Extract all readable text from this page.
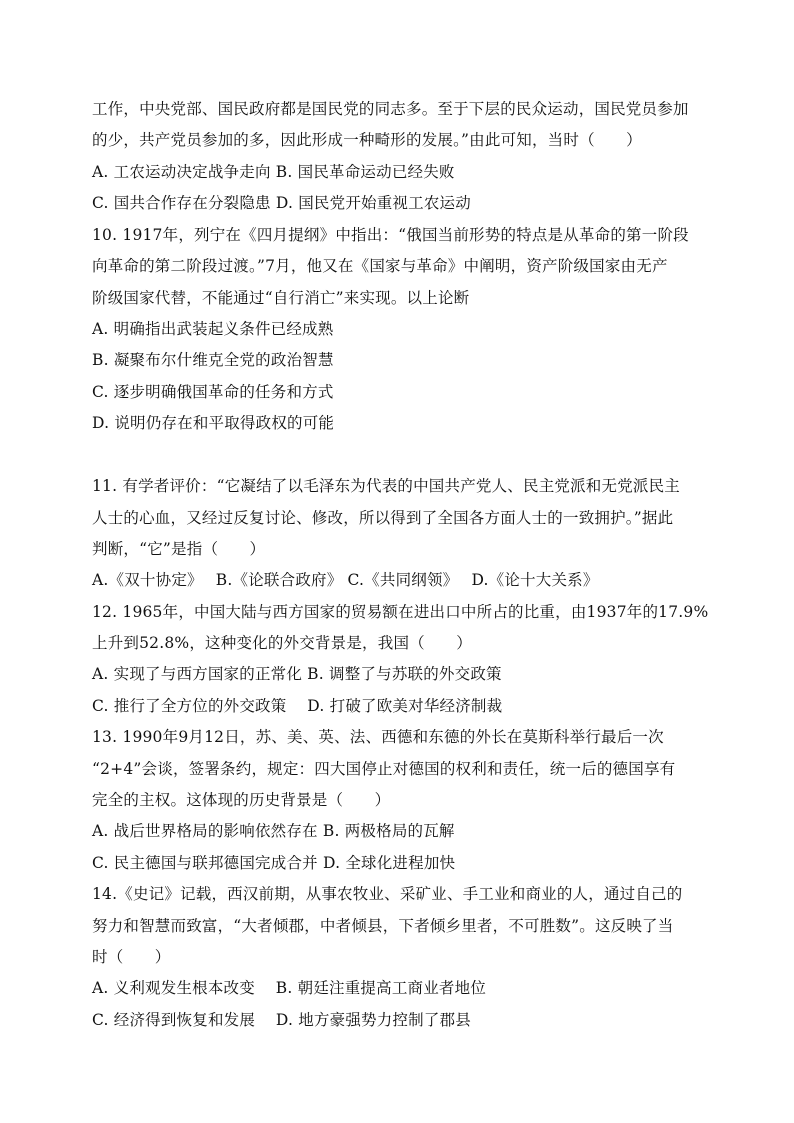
工作，中央党部、国民政府都是国民党的同志多。至于下层的民众运动，国民党员参加
的少，共产党员参加的多，因此形成一种畸形的发展。”由此可知，当时（　　）
A. 工农运动决定战争走向 B. 国民革命运动已经失败
C. 国共合作存在分裂隐患 D. 国民党开始重视工农运动
10. 1917年，列宁在《四月提纲》中指出：“俄国当前形势的特点是从革命的第一阶段
向革命的第二阶段过渡。”7月，他又在《国家与革命》中阐明，资产阶级国家由无产
阶级国家代替，不能通过“自行消亡”来实现。以上论断
A. 明确指出武装起义条件已经成熟
B. 凝聚布尔什维克全党的政治智慧
C. 逐步明确俄国革命的任务和方式
D. 说明仍存在和平取得政权的可能
11. 有学者评价：“它凝结了以毛泽东为代表的中国共产党人、民主党派和无党派民主
人士的心血，又经过反复讨论、修改，所以得到了全国各方面人士的一致拥护。”据此
判断，“它”是指（　　）
A.《双十协定》　 B.《论联合政府》 C.《共同纲领》　 D.《论十大关系》
12. 1965年，中国大陆与西方国家的贸易额在进出口中所占的比重，由1937年的17.9%
上升到52.8%，这种变化的外交背景是，我国（　　）
A. 实现了与西方国家的正常化 B. 调整了与苏联的外交政策
C. 推行了全方位的外交政策　 D. 打破了欧美对华经济制裁
13. 1990年9月12日，苏、美、英、法、西德和东德的外长在莫斯科举行最后一次
“2+4”会谈，签署条约，规定：四大国停止对德国的权利和责任，统一后的德国享有
完全的主权。这体现的历史背景是（　　）
A. 战后世界格局的影响依然存在 B. 两极格局的瓦解
C. 民主德国与联邦德国完成合并 D. 全球化进程加快
14.《史记》记载，西汉前期，从事农牧业、采矿业、手工业和商业的人，通过自己的
努力和智慧而致富，“大者倾郡，中者倾县，下者倾乡里者，不可胜数”。这反映了当
时（　　）
A. 义利观发生根本改变　 B. 朝廷注重提高工商业者地位
C. 经济得到恢复和发展　 D. 地方豪强势力控制了郡县
